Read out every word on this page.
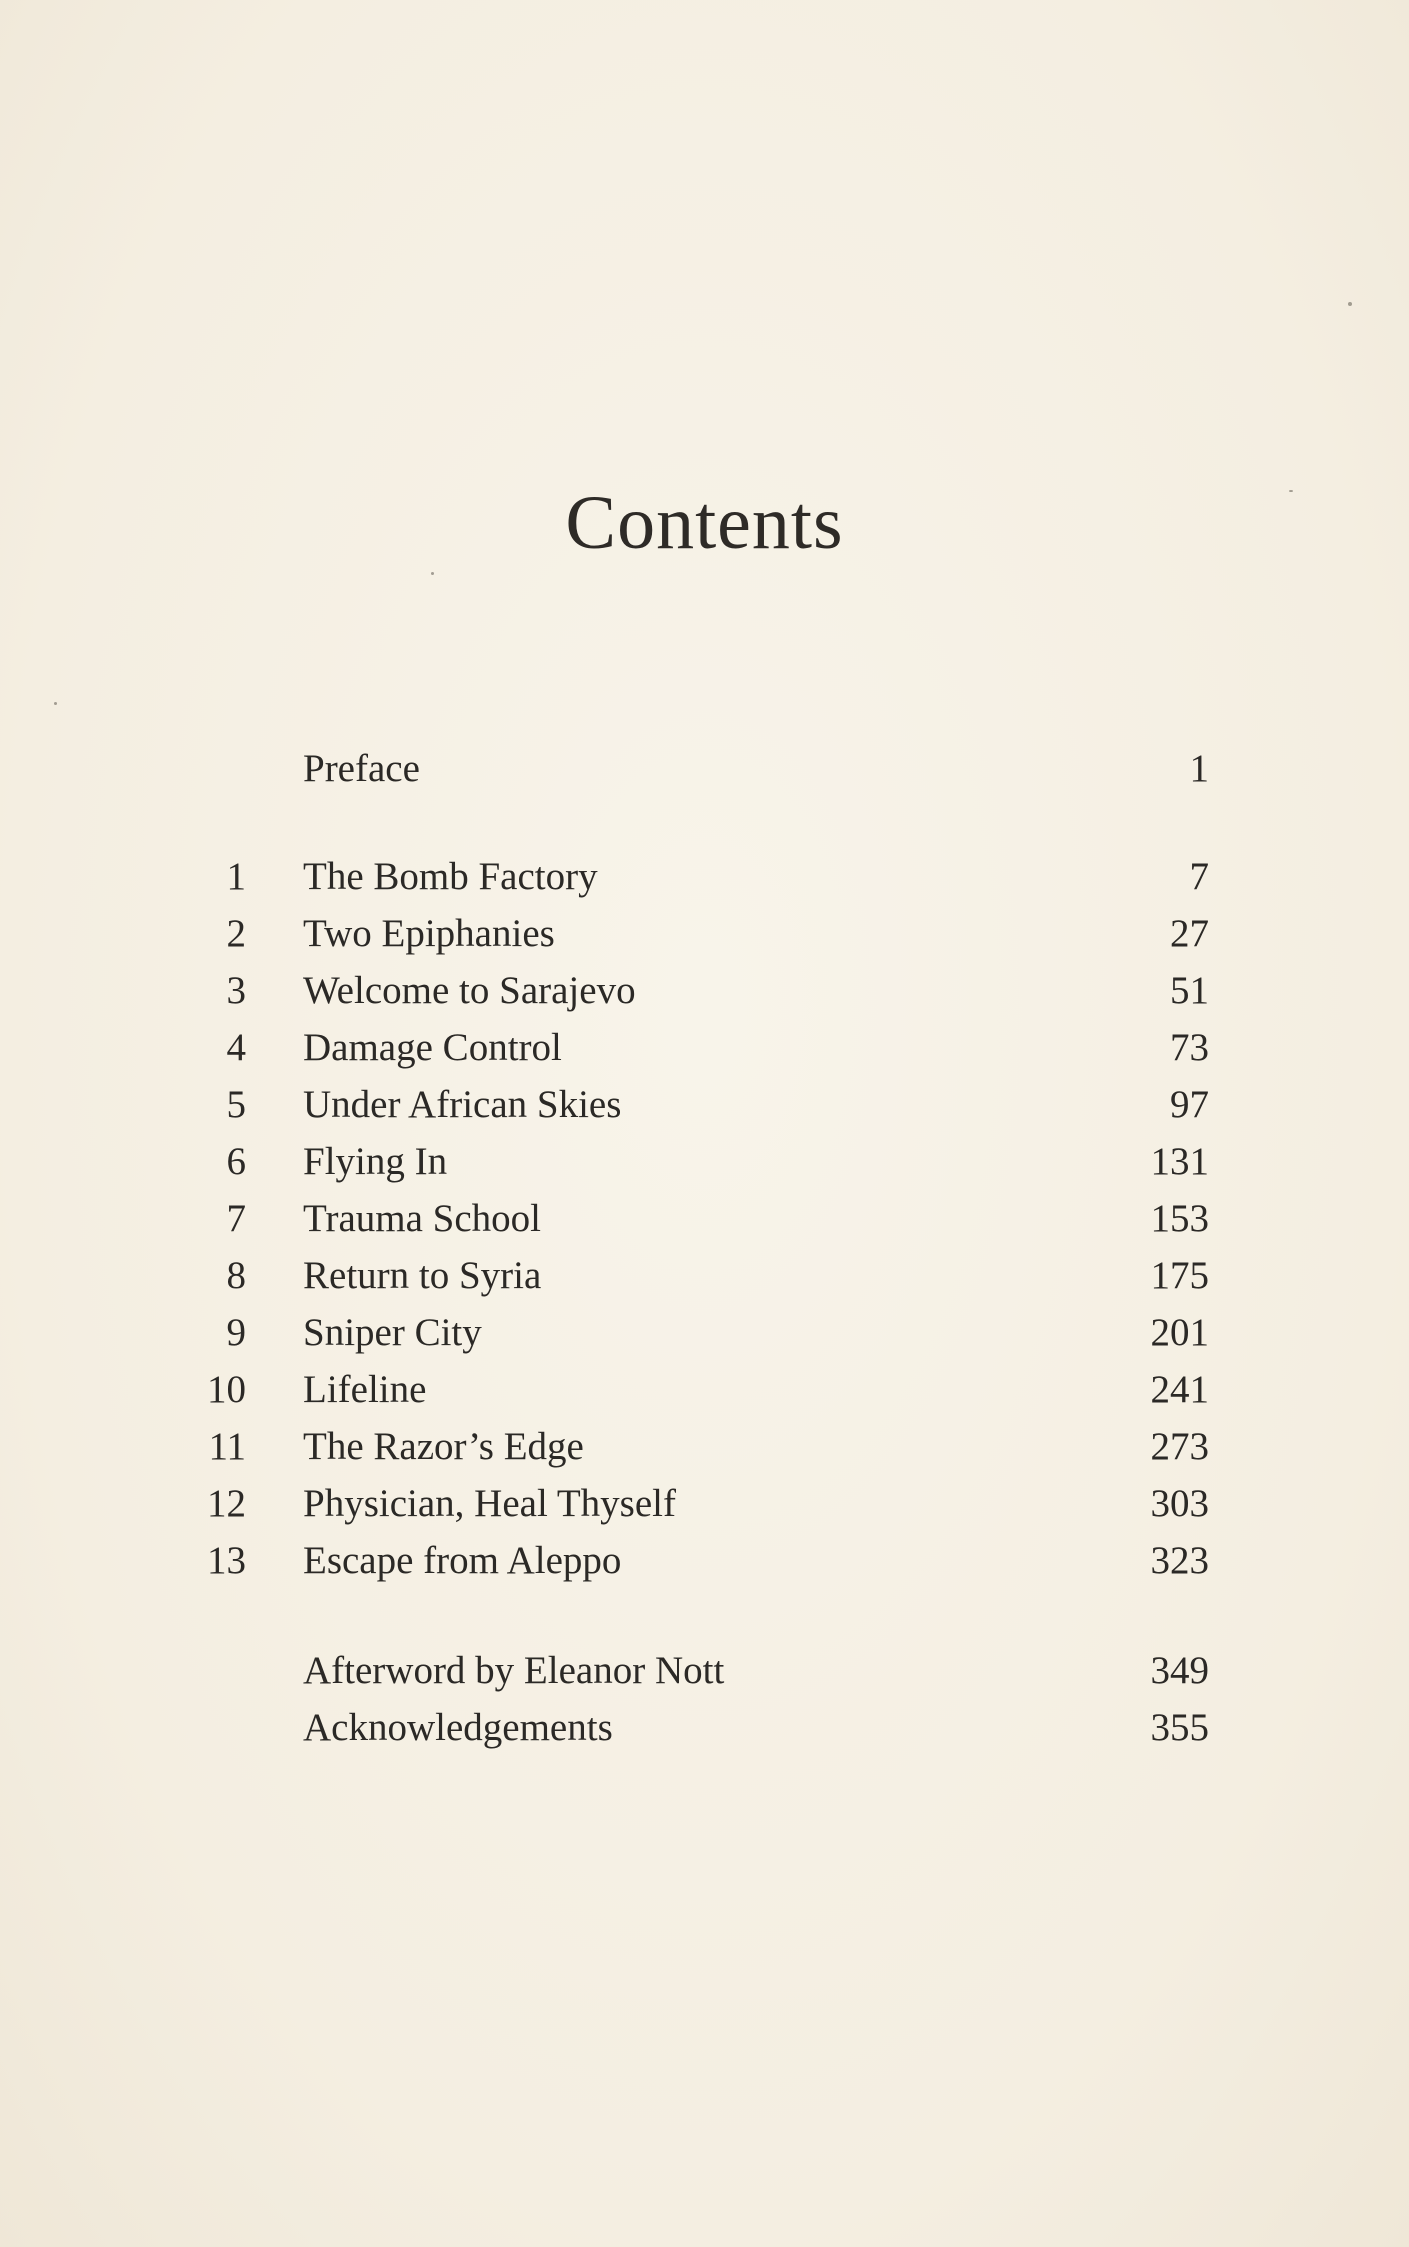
Contents
Preface	1
1 The Bomb Factory	7
2 Two Epiphanies	27
3 Welcome to Sarajevo	51
4 Damage Control	73
5 Under African Skies	97
6 Flying In	131
7 Trauma School	153
8 Return to Syria	175
9 Sniper City	201
10 Lifeline	241
11 The Razor’s Edge	273
12 Physician, Heal Thyself	303
13 Escape from Aleppo	323
Afterword by Eleanor Nott	349
Acknowledgements	355
